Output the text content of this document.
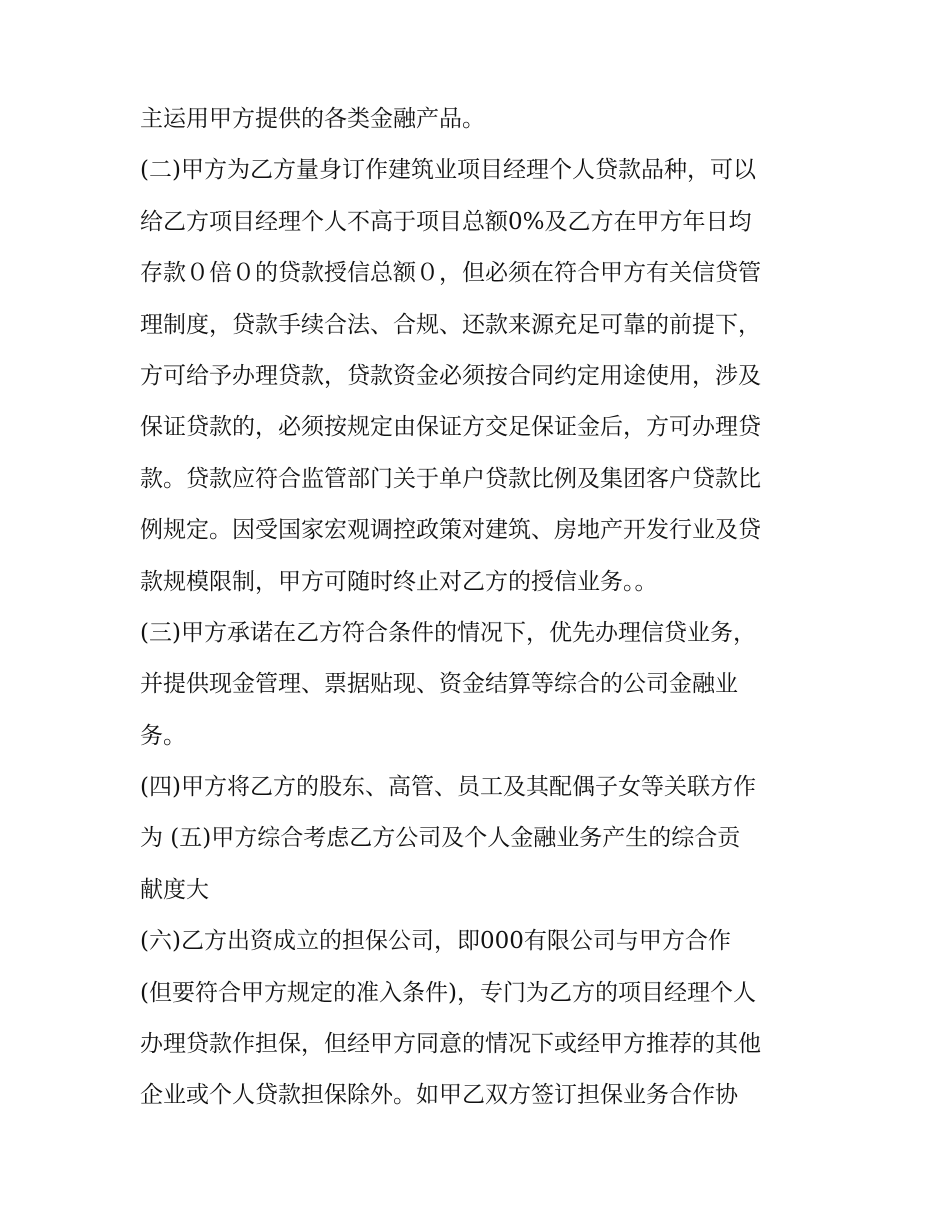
主运用甲方提供的各类金融产品。
(二)甲方为乙方量身订作建筑业项目经理个人贷款品种，可以
给乙方项目经理个人不高于项目总额0%及乙方在甲方年日均
存款０倍０的贷款授信总额０，但必须在符合甲方有关信贷管
理制度，贷款手续合法、合规、还款来源充足可靠的前提下，
方可给予办理贷款，贷款资金必须按合同约定用途使用，涉及
保证贷款的，必须按规定由保证方交足保证金后，方可办理贷
款。贷款应符合监管部门关于单户贷款比例及集团客户贷款比
例规定。因受国家宏观调控政策对建筑、房地产开发行业及贷
款规模限制，甲方可随时终止对乙方的授信业务。。
(三)甲方承诺在乙方符合条件的情况下，优先办理信贷业务，
并提供现金管理、票据贴现、资金结算等综合的公司金融业
务。
(四)甲方将乙方的股东、高管、员工及其配偶子女等关联方作
为 (五)甲方综合考虑乙方公司及个人金融业务产生的综合贡
献度大
(六)乙方出资成立的担保公司，即000有限公司与甲方合作
(但要符合甲方规定的准入条件)，专门为乙方的项目经理个人
办理贷款作担保，但经甲方同意的情况下或经甲方推荐的其他
企业或个人贷款担保除外。如甲乙双方签订担保业务合作协
